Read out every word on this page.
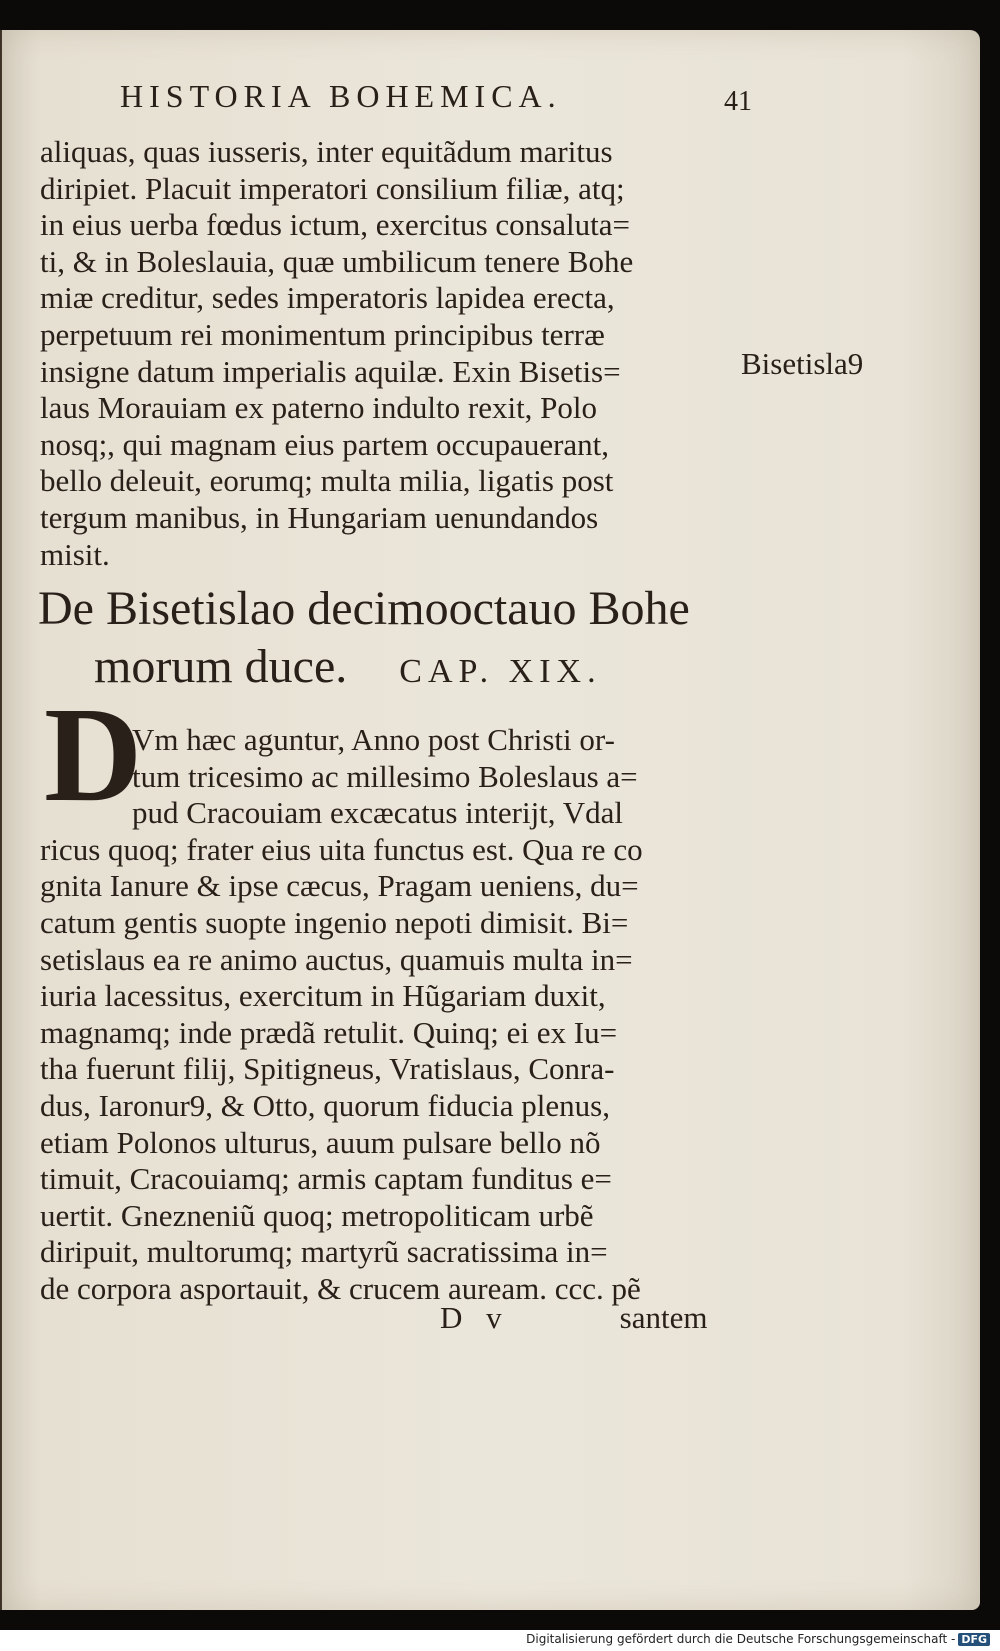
HISTORIA BOHEMICA.	41
aliquas, quas iusseris, inter equitãdum maritus
diripiet. Placuit imperatori consilium filiæ, atq;
in eius uerba fœdus ictum, exercitus consaluta=
ti, & in Boleslauia, quæ umbilicum tenere Bohe
miæ creditur, sedes imperatoris lapidea erecta,
perpetuum rei monimentum principibus terræ
insigne datum imperialis aquilæ. Exin Bisetis=
laus Morauiam ex paterno indulto rexit, Polo
nosq;, qui magnam eius partem occupauerant,
bello deleuit, eorumq; multa milia, ligatis post
tergum manibus, in Hungariam uenundandos
misit.
Bisetisla9
De Bisetislao decimooctauo Bohe
morum duce. CAP. XIX.
D
Vm hæc aguntur, Anno post Christi or-
tum tricesimo ac millesimo Boleslaus a=
pud Cracouiam excæcatus interijt, Vdal
ricus quoq; frater eius uita functus est. Qua re co
gnita Ianure & ipse cæcus, Pragam ueniens, du=
catum gentis suopte ingenio nepoti dimisit. Bi=
setislaus ea re animo auctus, quamuis multa in=
iuria lacessitus, exercitum in Hũgariam duxit,
magnamq; inde prædã retulit. Quinq; ei ex Iu=
tha fuerunt filij, Spitigneus, Vratislaus, Conra-
dus, Iaronur9, & Otto, quorum fiducia plenus,
etiam Polonos ulturus, auum pulsare bello nõ
timuit, Cracouiamq; armis captam funditus e=
uertit. Gnezneniũ quoq; metropoliticam urbẽ
diripuit, multorumq; martyrũ sacratissima in=
de corpora asportauit, & crucem auream. ccc. pẽ
D v	santem
Digitalisierung gefördert durch die Deutsche Forschungsgemeinschaft - DFG
